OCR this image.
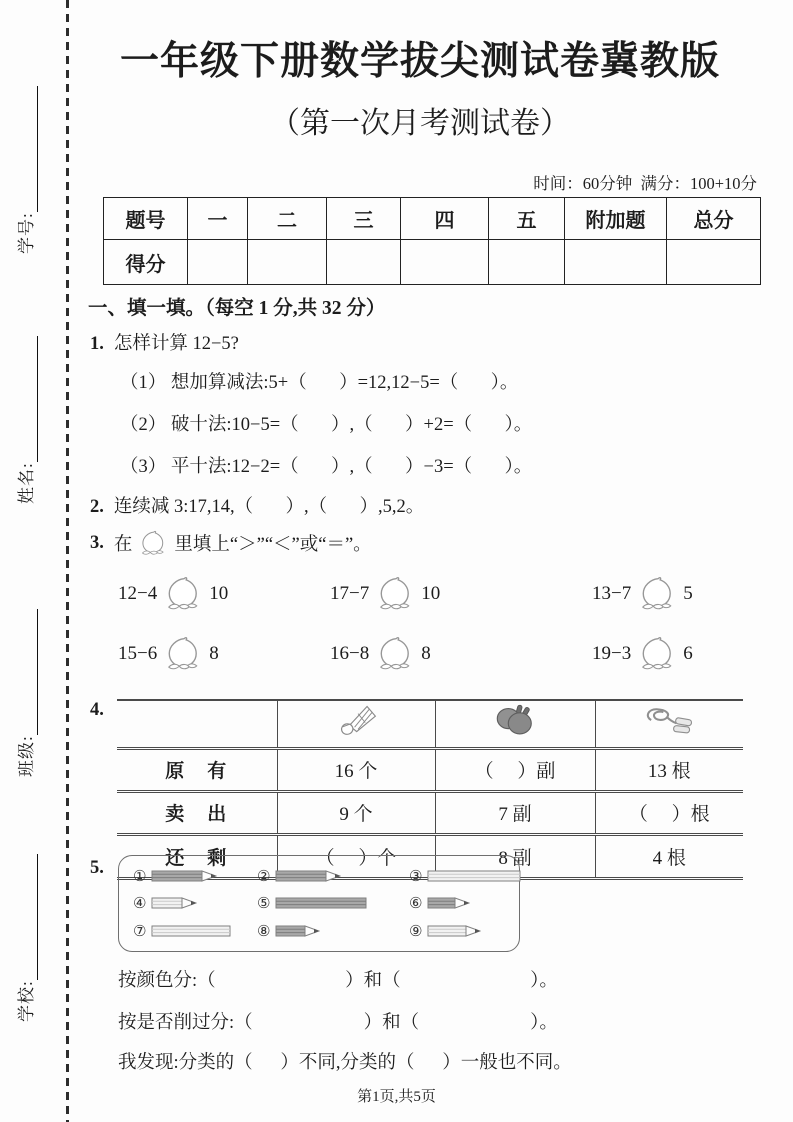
学校:
班级:
姓名:
学号:
一年级下册数学拔尖测试卷冀教版
（第一次月考测试卷）
时间：60分钟  满分：100+10分
题号	一	二	三	四	五	附加题	总分
得分							
一、填一填。（每空 1 分,共 32 分）
1. 怎样计算 12−5?
（1） 想加算减法:5+（       ）=12,12−5=（       ）。
（2） 破十法:10−5=（       ）,（       ）+2=（       ）。
（3） 平十法:12−2=（       ）,（       ）−3=（       ）。
2. 连续减 3:17,14,（       ）,（       ）,5,2。
3. 在 里填上“＞”“＜”或“＝”。
12−4	10	17−7	10	13−7	5
15−6	8	16−8	8	19−3	6
4.

原　有	16 个	（     ）副	13 根
卖　出	9 个	7 副	（     ）根
还　剩	（     ）个	8 副	4 根
5. ①	②	③
④	⑤	⑥
⑦	⑧	⑨
按颜色分:（                            ）和（                            ）。
按是否削过分:（                        ）和（                        ）。
我发现:分类的（      ）不同,分类的（      ）一般也不同。
第1页,共5页
